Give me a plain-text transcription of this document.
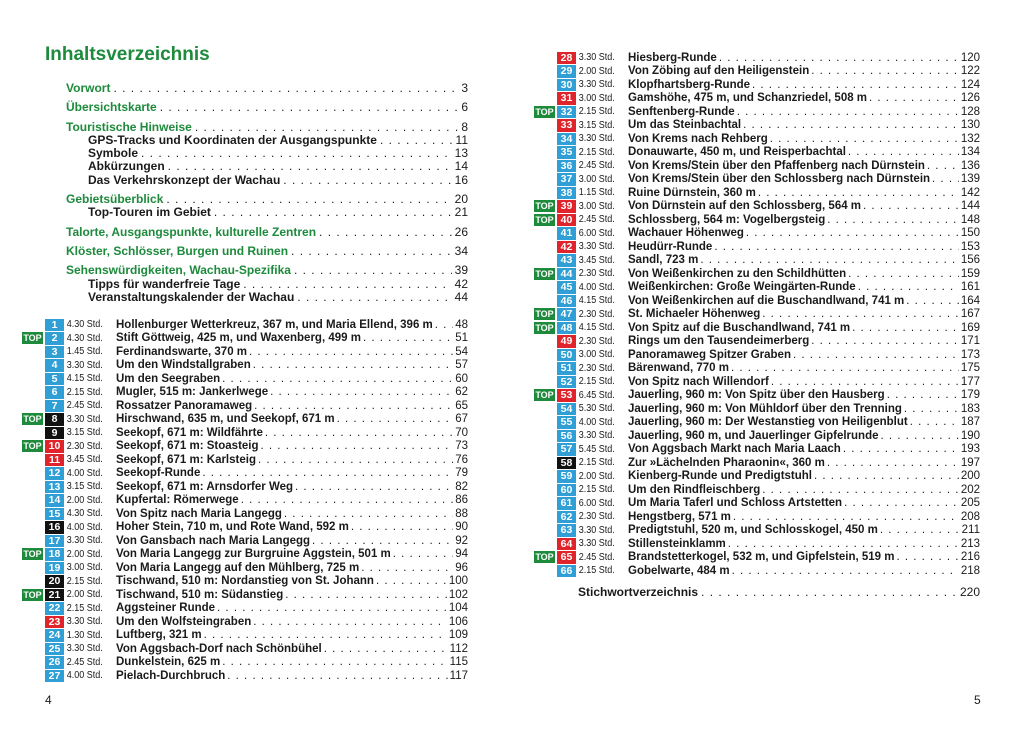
Inhaltsverzeichnis
Vorwort . . .	3
Übersichtskarte . . .	6
Touristische Hinweise . . .	8
GPS-Tracks und Koordinaten der Ausgangspunkte . . .	11
Symbole . . .	13
Abkürzungen . . .	14
Das Verkehrskonzept der Wachau . . .	16
Gebietsüberblick . . .	20
Top-Touren im Gebiet . . .	21
Talorte, Ausgangspunkte, kulturelle Zentren . . .	26
Klöster, Schlösser, Burgen und Ruinen . . .	34
Sehenswürdigkeiten, Wachau-Spezifika . . .	39
Tipps für wanderfreie Tage . . .	42
Veranstaltungskalender der Wachau . . .	44
1 4.30 Std.	Hollenburger Wetterkreuz, 367 m, und Maria Ellend, 396 m . . . 48
TOP 2 4.30 Std.	Stift Göttweig, 425 m, und Waxenberg, 499 m . . .	51
3 1.45 Std.	Ferdinandswarte, 370 m . . .	54
4 3.30 Std.	Um den Windstallgraben . . .	57
5 4.15 Std.	Um den Seegraben . . .	60
6 2.15 Std.	Mugler, 515 m: Jankerlwege . . .	62
7 2.45 Std.	Rossatzer Panoramaweg . . .	65
TOP 8 3.30 Std.	Hirschwand, 635 m, und Seekopf, 671 m . . .	67
9 3.15 Std.	Seekopf, 671 m: Wildfährte . . .	70
TOP 10 2.30 Std.	Seekopf, 671 m: Stoasteig . . .	73
11 3.45 Std.	Seekopf, 671 m: Karlsteig . . .	76
12 4.00 Std.	Seekopf-Runde . . .	79
13 3.15 Std.	Seekopf, 671 m: Arnsdorfer Weg . . .	82
14 2.00 Std.	Kupfertal: Römerwege . . .	86
15 4.30 Std.	Von Spitz nach Maria Langegg . . .	88
16 4.00 Std.	Hoher Stein, 710 m, und Rote Wand, 592 m . . .	90
17 3.30 Std.	Von Gansbach nach Maria Langegg . . .	92
TOP 18 2.00 Std.	Von Maria Langegg zur Burgruine Aggstein, 501 m . . .	94
19 3.00 Std.	Von Maria Langegg auf den Mühlberg, 725 m . . .	96
20 2.15 Std.	Tischwand, 510 m: Nordanstieg von St. Johann . . .	100
TOP 21 2.00 Std.	Tischwand, 510 m: Südanstieg . . .	102
22 2.15 Std.	Aggsteiner Runde . . .	104
23 3.30 Std.	Um den Wolfsteingraben . . .	106
24 1.30 Std.	Luftberg, 321 m . . .	109
25 3.30 Std.	Von Aggsbach-Dorf nach Schönbühel . . .	112
26 2.45 Std.	Dunkelstein, 625 m . . .	115
27 4.00 Std.	Pielach-Durchbruch . . .	117
4
28 3.30 Std.	Hiesberg-Runde . . .	120
29 2.00 Std.	Von Zöbing auf den Heiligenstein . . .	122
30 3.30 Std.	Klopfhartsberg-Runde . . .	124
31 3.00 Std.	Gamshöhe, 475 m, und Schanzriedel, 508 m . . .	126
TOP 32 2.15 Std.	Senftenberg-Runde . . .	128
33 3.15 Std.	Um das Steinbachtal . . .	130
34 3.30 Std.	Von Krems nach Rehberg . . .	132
35 2.15 Std.	Donauwarte, 450 m, und Reisperbachtal . . .	134
36 2.45 Std.	Von Krems/Stein über den Pfaffenberg nach Dürnstein . . .	136
37 3.00 Std.	Von Krems/Stein über den Schlossberg nach Dürnstein . . .	139
38 1.15 Std.	Ruine Dürnstein, 360 m . . .	142
TOP 39 3.00 Std.	Von Dürnstein auf den Schlossberg, 564 m . . .	144
TOP 40 2.45 Std.	Schlossberg, 564 m: Vogelbergsteig . . .	148
41 6.00 Std.	Wachauer Höhenweg . . .	150
42 3.30 Std.	Heudürr-Runde . . .	153
43 3.45 Std.	Sandl, 723 m . . .	156
TOP 44 2.30 Std.	Von Weißenkirchen zu den Schildhütten . . .	159
45 4.00 Std.	Weißenkirchen: Große Weingärten-Runde . . .	161
46 4.15 Std.	Von Weißenkirchen auf die Buschandlwand, 741 m . . .	164
TOP 47 2.30 Std.	St. Michaeler Höhenweg . . .	167
TOP 48 4.15 Std.	Von Spitz auf die Buschandlwand, 741 m . . .	169
49 2.30 Std.	Rings um den Tausendeimerberg . . .	171
50 3.00 Std.	Panoramaweg Spitzer Graben . . .	173
51 2.30 Std.	Bärenwand, 770 m . . .	175
52 2.15 Std.	Von Spitz nach Willendorf . . .	177
TOP 53 6.45 Std.	Jauerling, 960 m: Von Spitz über den Hausberg . . .	179
54 5.30 Std.	Jauerling, 960 m: Von Mühldorf über den Trenning . . .	183
55 4.00 Std.	Jauerling, 960 m: Der Westanstieg von Heiligenblut . . .	187
56 3.30 Std.	Jauerling, 960 m, und Jauerlinger Gipfelrunde . . .	190
57 5.45 Std.	Von Aggsbach Markt nach Maria Laach . . .	193
58 2.15 Std.	Zur »Lächelnden Pharaonin«, 360 m . . .	197
59 2.00 Std.	Kienberg-Runde und Predigtstuhl . . .	200
60 2.15 Std.	Um den Rindfleischberg . . .	202
61 6.00 Std.	Um Maria Taferl und Schloss Artstetten . . .	205
62 2.30 Std.	Hengstberg, 571 m . . .	208
63 3.30 Std.	Predigtstuhl, 520 m, und Schlosskogel, 450 m . . .	211
64 3.30 Std.	Stillensteinklamm . . .	213
TOP 65 2.45 Std.	Brandstetterkogel, 532 m, und Gipfelstein, 519 m . . .	216
66 2.15 Std.	Gobelwarte, 484 m . . .	218
Stichwortverzeichnis . . .	220
5
